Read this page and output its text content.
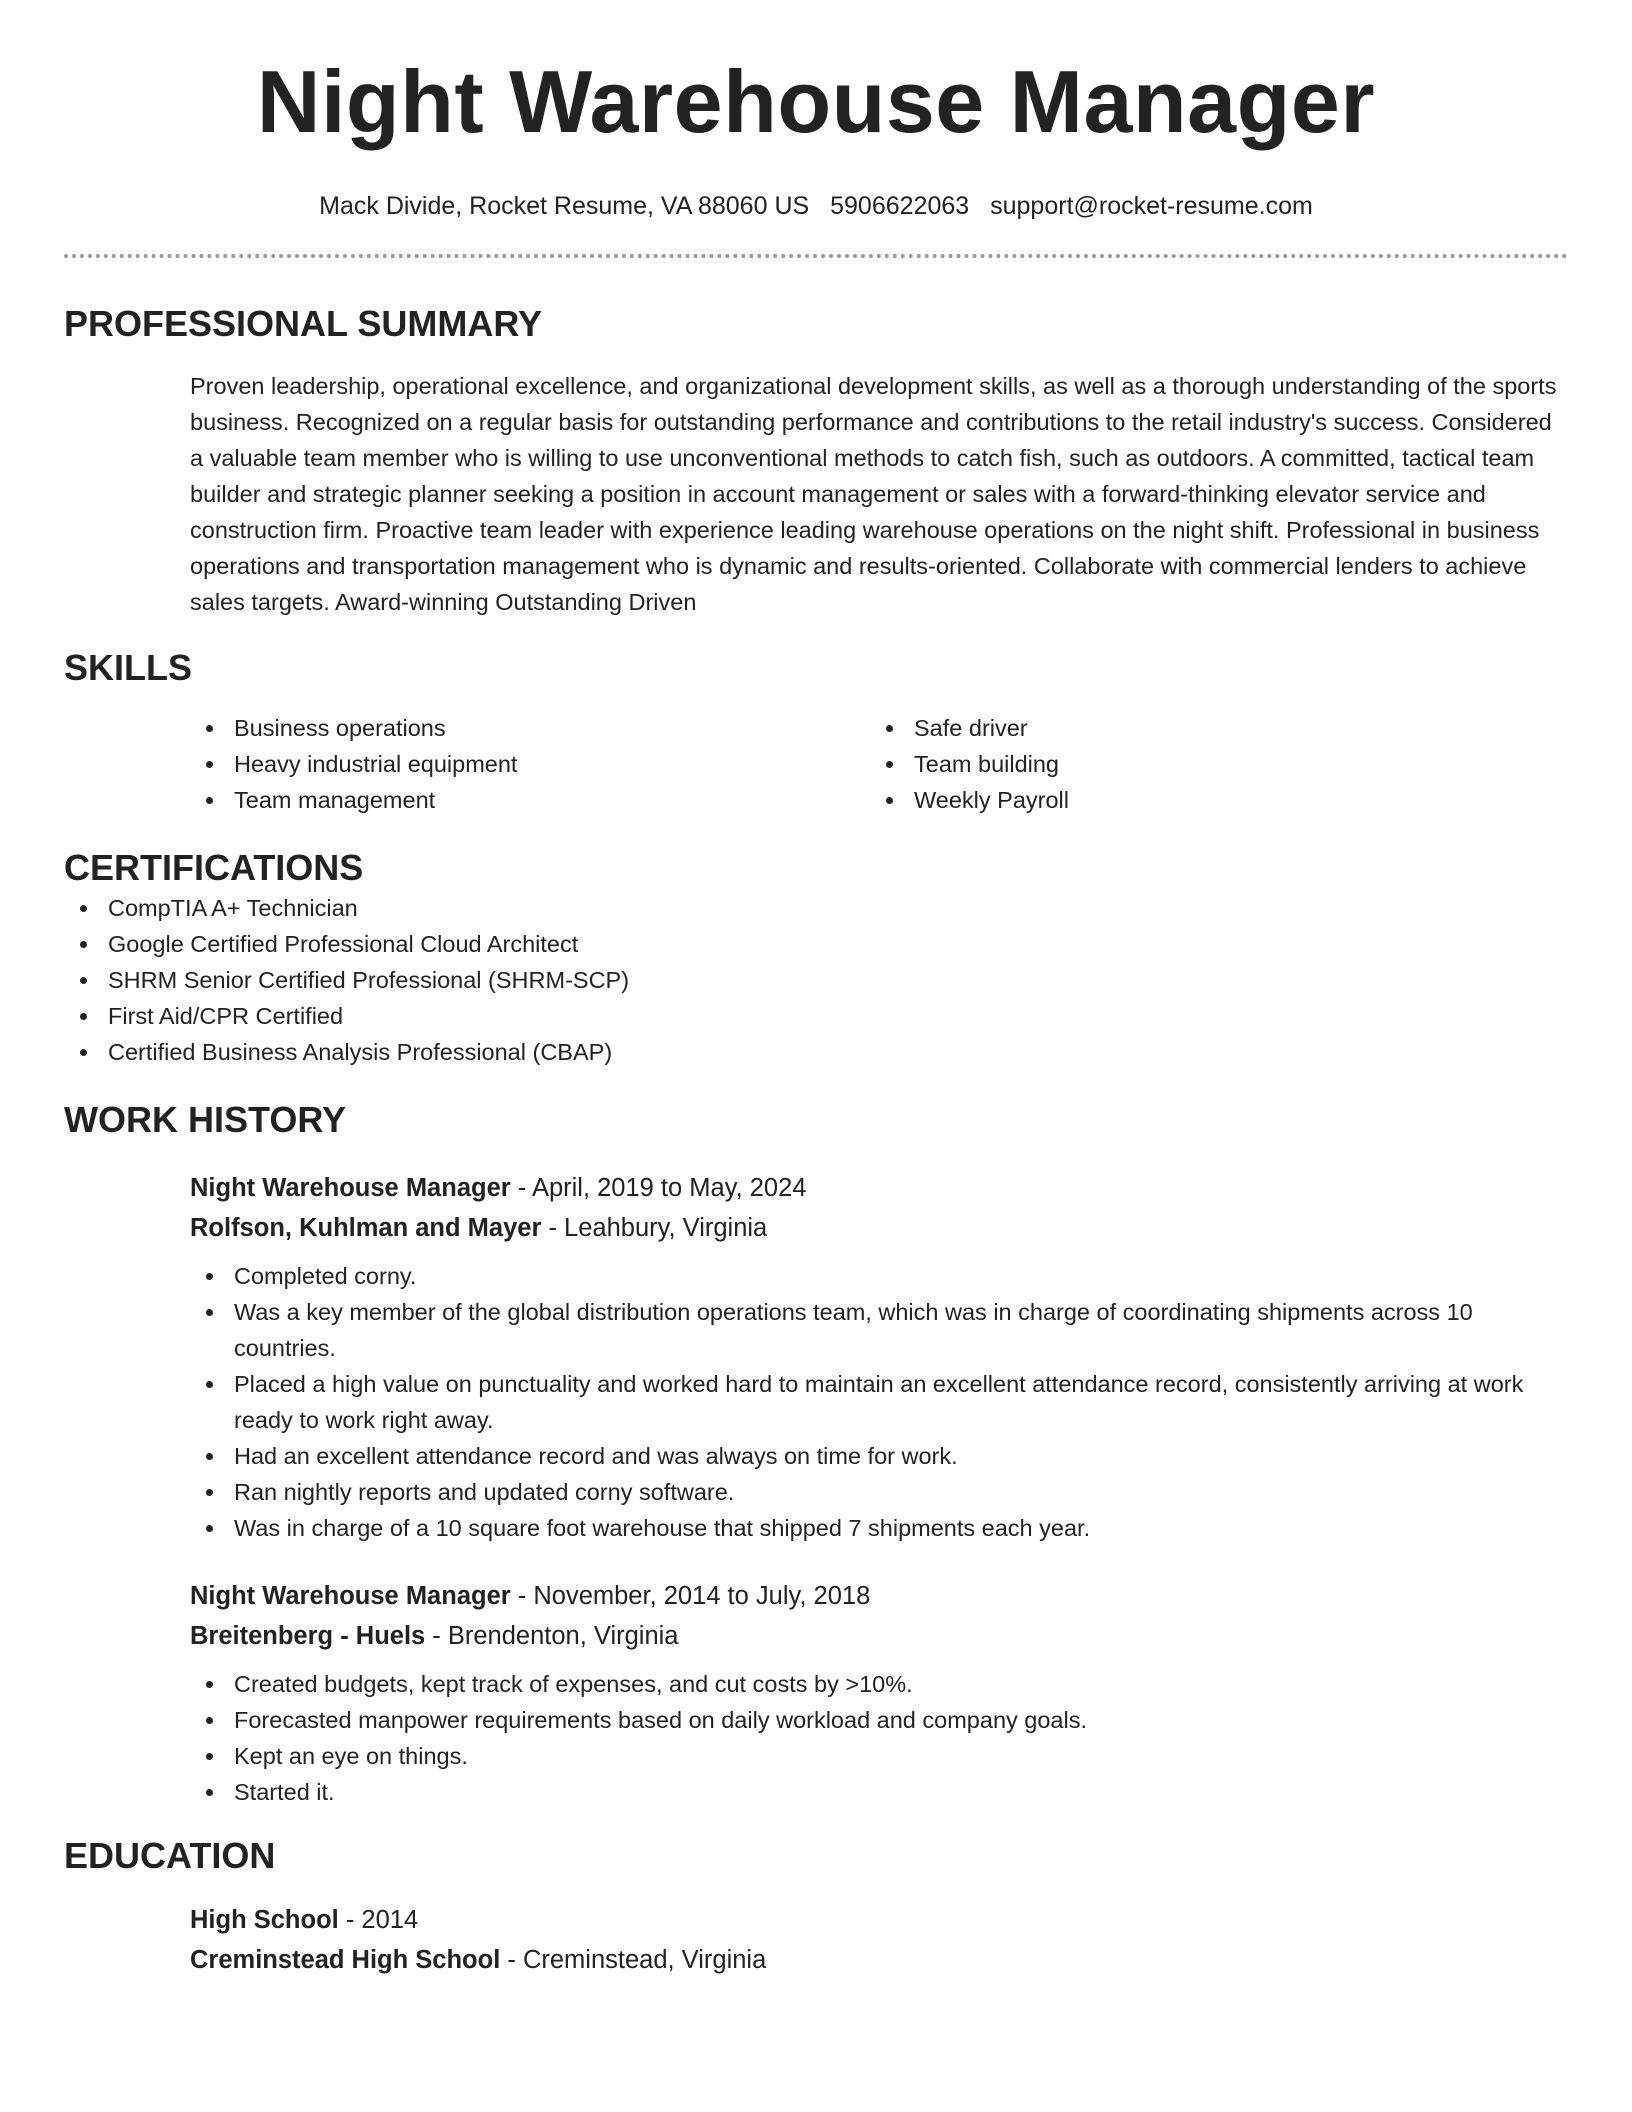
Night Warehouse Manager
Mack Divide, Rocket Resume, VA 88060 US 5906622063 support@rocket-resume.com
PROFESSIONAL SUMMARY
Proven leadership, operational excellence, and organizational development skills, as well as a thorough understanding of the sports business. Recognized on a regular basis for outstanding performance and contributions to the retail industry's success. Considered a valuable team member who is willing to use unconventional methods to catch fish, such as outdoors. A committed, tactical team builder and strategic planner seeking a position in account management or sales with a forward-thinking elevator service and construction firm. Proactive team leader with experience leading warehouse operations on the night shift. Professional in business operations and transportation management who is dynamic and results-oriented. Collaborate with commercial lenders to achieve sales targets. Award-winning Outstanding Driven
SKILLS
Business operations
Heavy industrial equipment
Team management
Safe driver
Team building
Weekly Payroll
CERTIFICATIONS
CompTIA A+ Technician
Google Certified Professional Cloud Architect
SHRM Senior Certified Professional (SHRM-SCP)
First Aid/CPR Certified
Certified Business Analysis Professional (CBAP)
WORK HISTORY
Night Warehouse Manager - April, 2019 to May, 2024
Rolfson, Kuhlman and Mayer - Leahbury, Virginia
Completed corny.
Was a key member of the global distribution operations team, which was in charge of coordinating shipments across 10 countries.
Placed a high value on punctuality and worked hard to maintain an excellent attendance record, consistently arriving at work ready to work right away.
Had an excellent attendance record and was always on time for work.
Ran nightly reports and updated corny software.
Was in charge of a 10 square foot warehouse that shipped 7 shipments each year.
Night Warehouse Manager - November, 2014 to July, 2018
Breitenberg - Huels - Brendenton, Virginia
Created budgets, kept track of expenses, and cut costs by >10%.
Forecasted manpower requirements based on daily workload and company goals.
Kept an eye on things.
Started it.
EDUCATION
High School - 2014
Creminstead High School - Creminstead, Virginia
